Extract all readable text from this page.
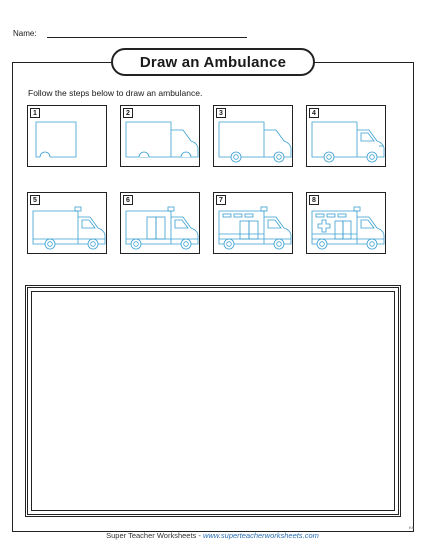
Name:
Draw an Ambulance
Follow the steps below to draw an ambulance.
1	2	3	4
5	6	7	8
Super Teacher Worksheets - www.superteacherworksheets.com
KS
